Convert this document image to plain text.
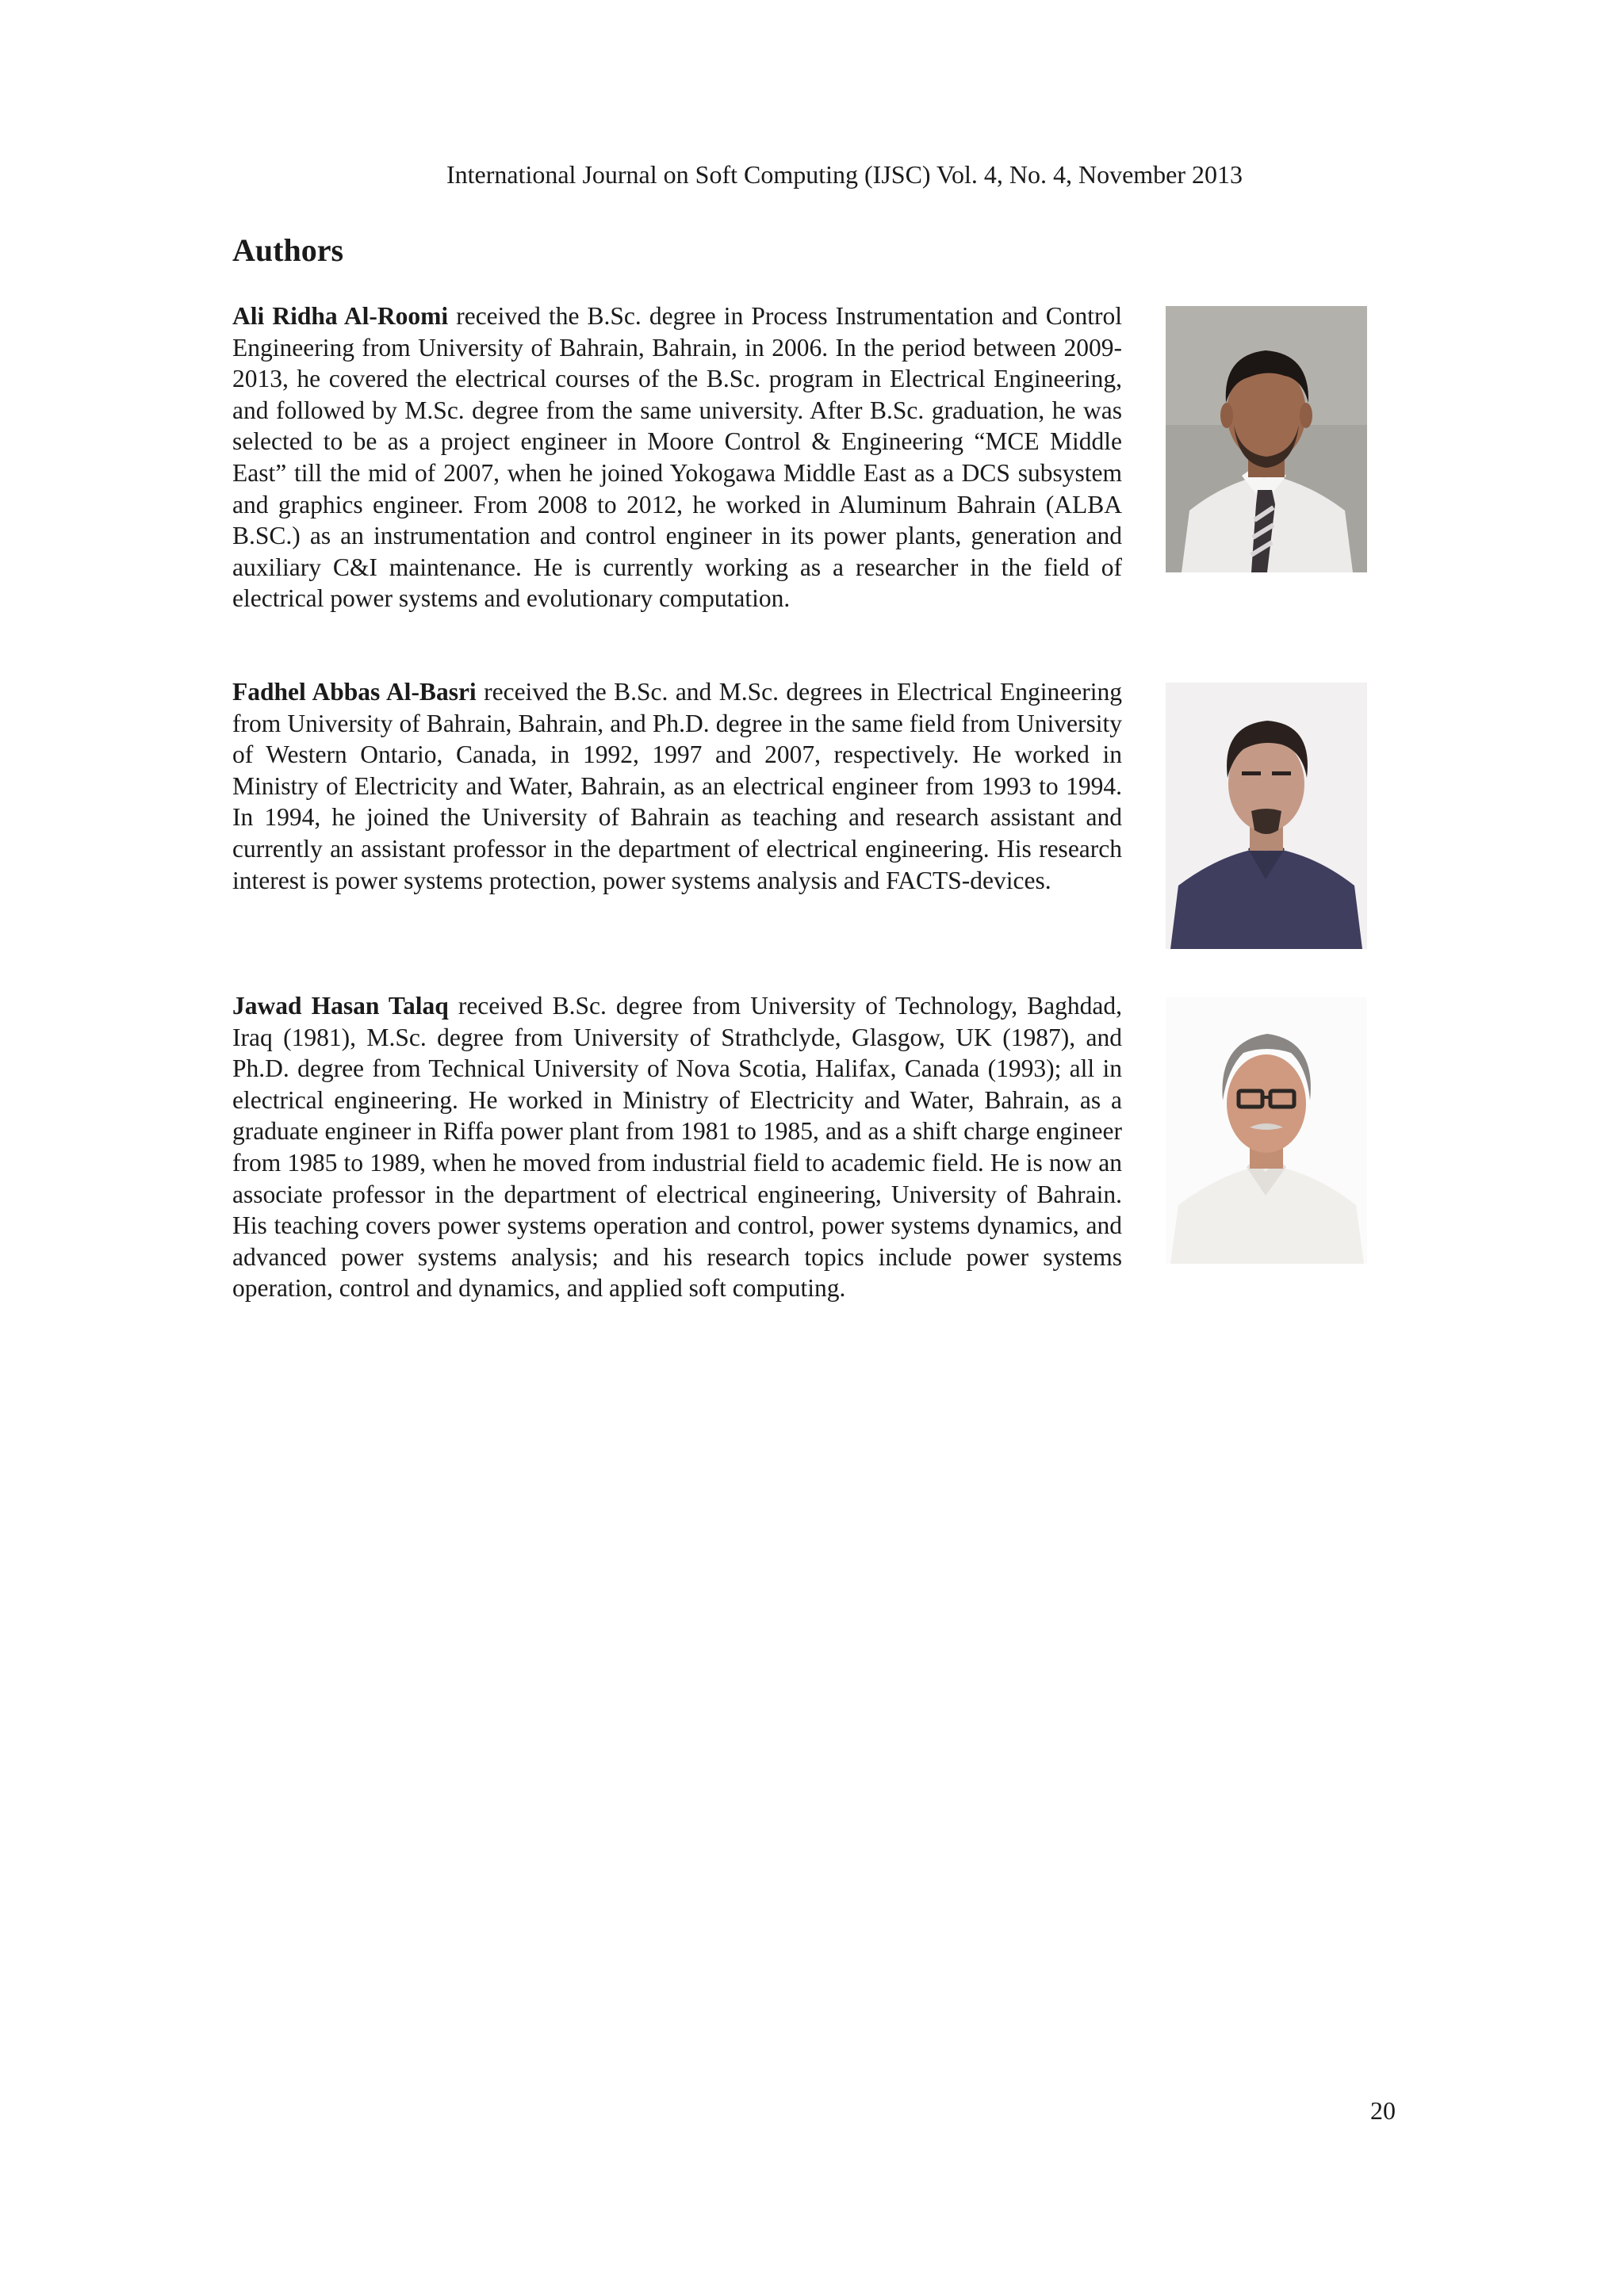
International Journal on Soft Computing (IJSC) Vol. 4, No. 4, November 2013
Authors

Ali Ridha Al-Roomi received the B.Sc. degree in Process Instrumentation and Control Engineering from University of Bahrain, Bahrain, in 2006. In the period between 2009-2013, he covered the electrical courses of the B.Sc. program in Electrical Engineering, and followed by M.Sc. degree from the same university. After B.Sc. graduation, he was selected to be as a project engineer in Moore Control & Engineering “MCE Middle East” till the mid of 2007, when he joined Yokogawa Middle East as a DCS subsystem and graphics engineer. From 2008 to 2012, he worked in Aluminum Bahrain (ALBA B.SC.) as an instrumentation and control engineer in its power plants, generation and auxiliary C&I maintenance. He is currently working as a researcher in the field of electrical power systems and evolutionary computation.

Fadhel Abbas Al-Basri received the B.Sc. and M.Sc. degrees in Electrical Engineering from University of Bahrain, Bahrain, and Ph.D. degree in the same field from University of Western Ontario, Canada, in 1992, 1997 and 2007, respectively. He worked in Ministry of Electricity and Water, Bahrain, as an electrical engineer from 1993 to 1994. In 1994, he joined the University of Bahrain as teaching and research assistant and currently an assistant professor in the department of electrical engineering. His research interest is power systems protection, power systems analysis and FACTS-devices.

Jawad Hasan Talaq received B.Sc. degree from University of Technology, Baghdad, Iraq (1981), M.Sc. degree from University of Strathclyde, Glasgow, UK (1987), and Ph.D. degree from Technical University of Nova Scotia, Halifax, Canada (1993); all in electrical engineering. He worked in Ministry of Electricity and Water, Bahrain, as a graduate engineer in Riffa power plant from 1981 to 1985, and as a shift charge engineer from 1985 to 1989, when he moved from industrial field to academic field. He is now an associate professor in the department of electrical engineering, University of Bahrain. His teaching covers power systems operation and control, power systems dynamics, and advanced power systems analysis; and his research topics include power systems operation, control and dynamics, and applied soft computing.

20
